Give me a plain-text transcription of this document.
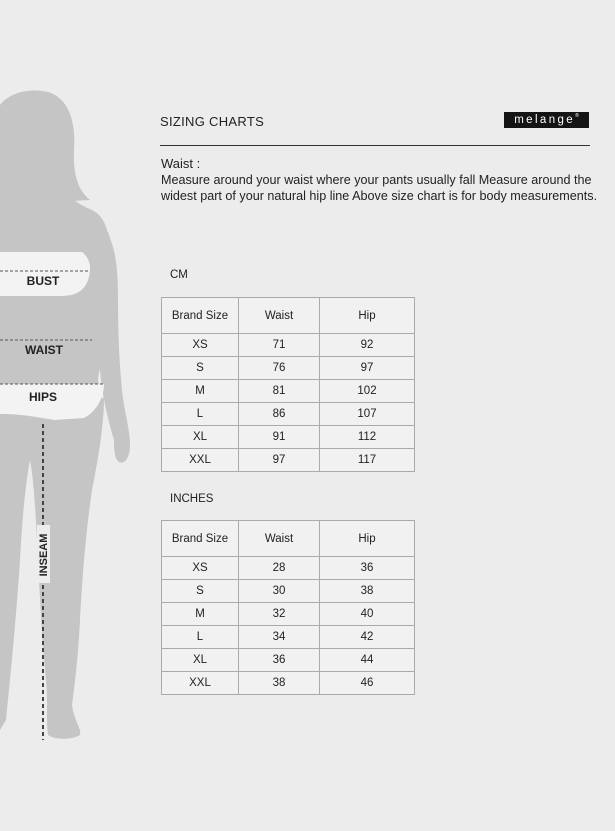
BUST
WAIST
HIPS
INSEAM
SIZING CHARTS	melange®
Waist :

Measure around your waist where your pants usually fall Measure around the widest part of your natural hip line Above size chart is for body measurements.

CM
Brand Size	Waist	Hip
XS	71	92
S	76	97
M	81	102
L	86	107
XL	91	112
XXL	97	117
INCHES
Brand Size	Waist	Hip
XS	28	36
S	30	38
M	32	40
L	34	42
XL	36	44
XXL	38	46
